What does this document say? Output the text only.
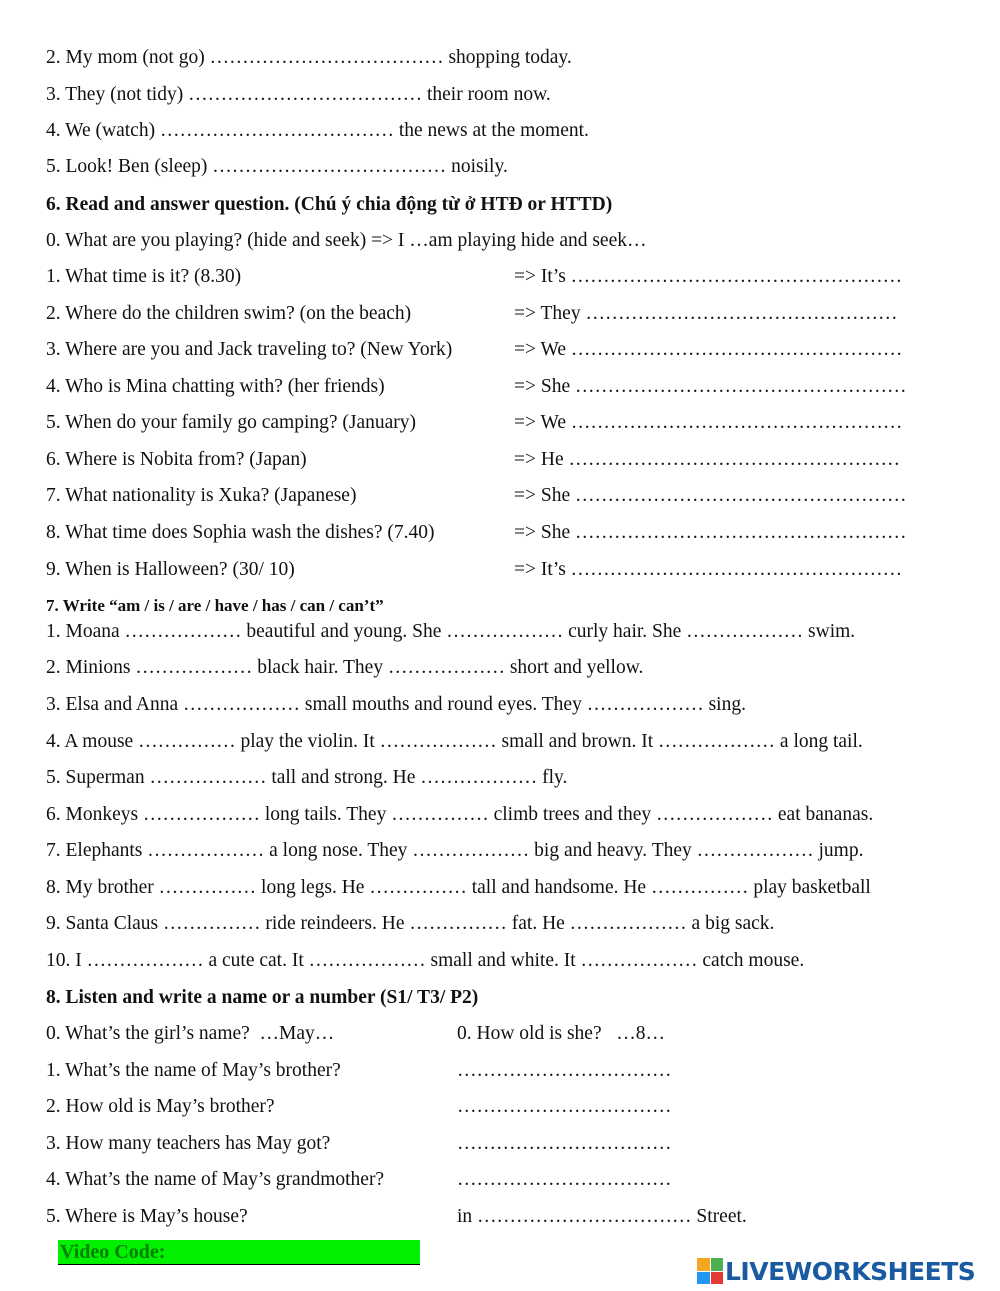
2. My mom (not go) ……………………………… shopping today.
3. They (not tidy) ……………………………… their room now.
4. We (watch) ……………………………… the news at the moment.
5. Look! Ben (sleep) ……………………………… noisily.
6. Read and answer question. (Chú ý chia động từ ở HTĐ or HTTD)
0. What are you playing? (hide and seek) => I …am playing hide and seek…
1. What time is it? (8.30)	=> It’s ……………………………………………
2. Where do the children swim? (on the beach)	=> They …………………………………………
3. Where are you and Jack traveling to? (New York)	=> We ……………………………………………
4. Who is Mina chatting with? (her friends)	=> She ……………………………………………
5. When do your family go camping? (January)	=> We ……………………………………………
6. Where is Nobita from? (Japan)	=> He ……………………………………………
7. What nationality is Xuka? (Japanese)	=> She ……………………………………………
8. What time does Sophia wash the dishes? (7.40)	=> She ……………………………………………
9. When is Halloween? (30/ 10)	=> It’s ……………………………………………
7. Write “am / is / are / have / has / can / can’t”
1. Moana ……………… beautiful and young. She ……………… curly hair. She ……………… swim.
2. Minions ……………… black hair. They ……………… short and yellow.
3. Elsa and Anna ……………… small mouths and round eyes. They ……………… sing.
4. A mouse …………… play the violin. It ……………… small and brown. It ……………… a long tail.
5. Superman ……………… tall and strong. He ……………… fly.
6. Monkeys ……………… long tails. They …………… climb trees and they ……………… eat bananas.
7. Elephants ……………… a long nose. They ……………… big and heavy. They ……………… jump.
8. My brother …………… long legs. He …………… tall and handsome. He …………… play basketball
9. Santa Claus …………… ride reindeers. He …………… fat. He ……………… a big sack.
10. I ……………… a cute cat. It ……………… small and white. It ……………… catch mouse.
8. Listen and write a name or a number (S1/ T3/ P2)
0. What’s the girl’s name?  …May…	0. How old is she?   …8…
1. What’s the name of May’s brother?	……………………………
2. How old is May’s brother?	……………………………
3. How many teachers has May got?	……………………………
4. What’s the name of May’s grandmother?	……………………………
5. Where is May’s house?	in …………………………… Street.
Video Code:
LIVEWORKSHEETS
